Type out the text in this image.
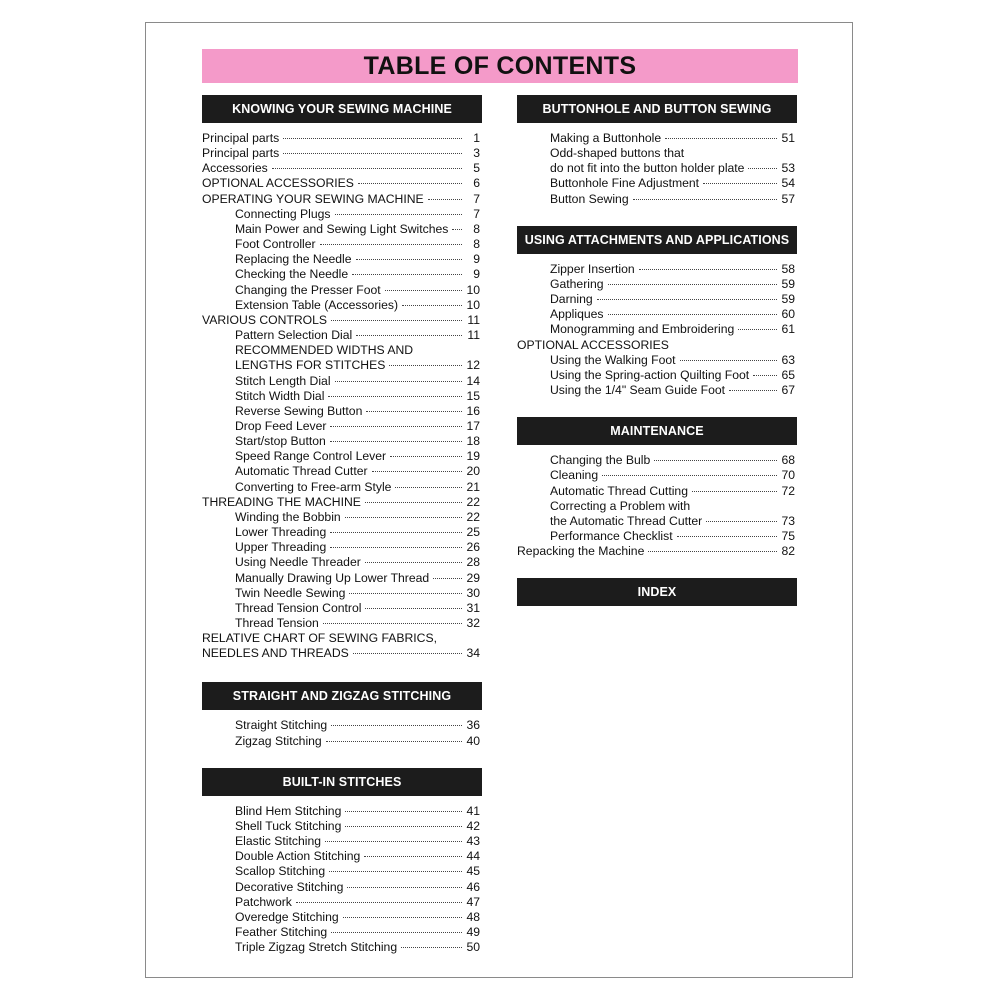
TABLE OF CONTENTS
KNOWING YOUR SEWING MACHINE
Principal parts	1
Principal parts	3
Accessories	5
OPTIONAL ACCESSORIES	6
OPERATING YOUR SEWING MACHINE	7
Connecting Plugs	7
Main Power and Sewing Light Switches	8
Foot Controller	8
Replacing the Needle	9
Checking the Needle	9
Changing the Presser Foot	10
Extension Table (Accessories)	10
VARIOUS CONTROLS	11
Pattern Selection Dial	11
RECOMMENDED WIDTHS AND
LENGTHS FOR STITCHES	12
Stitch Length Dial	14
Stitch Width Dial	15
Reverse Sewing Button	16
Drop Feed Lever	17
Start/stop Button	18
Speed Range Control Lever	19
Automatic Thread Cutter	20
Converting to Free-arm Style	21
THREADING THE MACHINE	22
Winding the Bobbin	22
Lower Threading	25
Upper Threading	26
Using Needle Threader	28
Manually Drawing Up Lower Thread	29
Twin Needle Sewing	30
Thread Tension Control	31
Thread Tension	32
RELATIVE CHART OF SEWING FABRICS,
NEEDLES AND THREADS	34
STRAIGHT AND ZIGZAG STITCHING
Straight Stitching	36
Zigzag Stitching	40
BUILT-IN STITCHES
Blind Hem Stitching	41
Shell Tuck Stitching	42
Elastic Stitching	43
Double Action Stitching	44
Scallop Stitching	45
Decorative Stitching	46
Patchwork	47
Overedge Stitching	48
Feather Stitching	49
Triple Zigzag Stretch Stitching	50
BUTTONHOLE AND BUTTON SEWING
Making a Buttonhole	51
Odd-shaped buttons that
do not fit into the button holder plate	53
Buttonhole Fine Adjustment	54
Button Sewing	57
USING ATTACHMENTS AND APPLICATIONS
Zipper Insertion	58
Gathering	59
Darning	59
Appliques	60
Monogramming and Embroidering	61
OPTIONAL ACCESSORIES
Using the Walking Foot	63
Using the Spring-action Quilting Foot	65
Using the 1/4" Seam Guide Foot	67
MAINTENANCE
Changing the Bulb	68
Cleaning	70
Automatic Thread Cutting	72
Correcting a Problem with
the Automatic Thread Cutter	73
Performance Checklist	75
Repacking the Machine	82
INDEX
